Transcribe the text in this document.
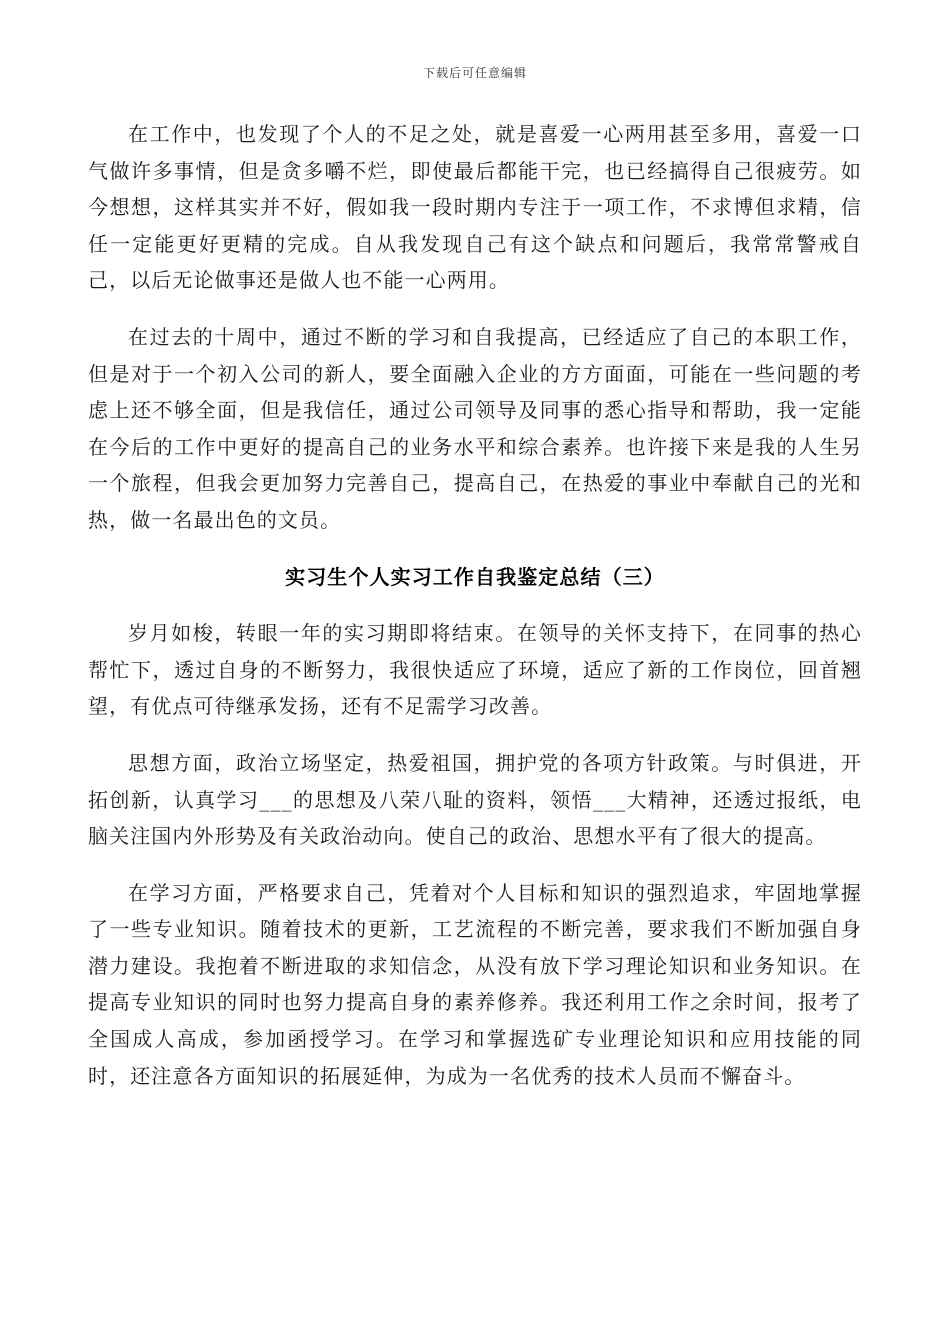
下载后可任意编辑

在工作中，也发现了个人的不足之处，就是喜爱一心两用甚至多用，喜爱一口气做许多事情，但是贪多嚼不烂，即使最后都能干完，也已经搞得自己很疲劳。如今想想，这样其实并不好，假如我一段时期内专注于一项工作，不求博但求精，信任一定能更好更精的完成。自从我发现自己有这个缺点和问题后，我常常警戒自己，以后无论做事还是做人也不能一心两用。

在过去的十周中，通过不断的学习和自我提高，已经适应了自己的本职工作，但是对于一个初入公司的新人，要全面融入企业的方方面面，可能在一些问题的考虑上还不够全面，但是我信任，通过公司领导及同事的悉心指导和帮助，我一定能在今后的工作中更好的提高自己的业务水平和综合素养。也许接下来是我的人生另一个旅程，但我会更加努力完善自己，提高自己，在热爱的事业中奉献自己的光和热，做一名最出色的文员。

实习生个人实习工作自我鉴定总结（三）

岁月如梭，转眼一年的实习期即将结束。在领导的关怀支持下，在同事的热心帮忙下，透过自身的不断努力，我很快适应了环境，适应了新的工作岗位，回首翘望，有优点可待继承发扬，还有不足需学习改善。

思想方面，政治立场坚定，热爱祖国，拥护党的各项方针政策。与时俱进，开拓创新，认真学习___的思想及八荣八耻的资料，领悟___大精神，还透过报纸，电脑关注国内外形势及有关政治动向。使自己的政治、思想水平有了很大的提高。

在学习方面，严格要求自己，凭着对个人目标和知识的强烈追求，牢固地掌握了一些专业知识。随着技术的更新，工艺流程的不断完善，要求我们不断加强自身潜力建设。我抱着不断进取的求知信念，从没有放下学习理论知识和业务知识。在提高专业知识的同时也努力提高自身的素养修养。我还利用工作之余时间，报考了全国成人高成，参加函授学习。在学习和掌握选矿专业理论知识和应用技能的同时，还注意各方面知识的拓展延伸，为成为一名优秀的技术人员而不懈奋斗。
